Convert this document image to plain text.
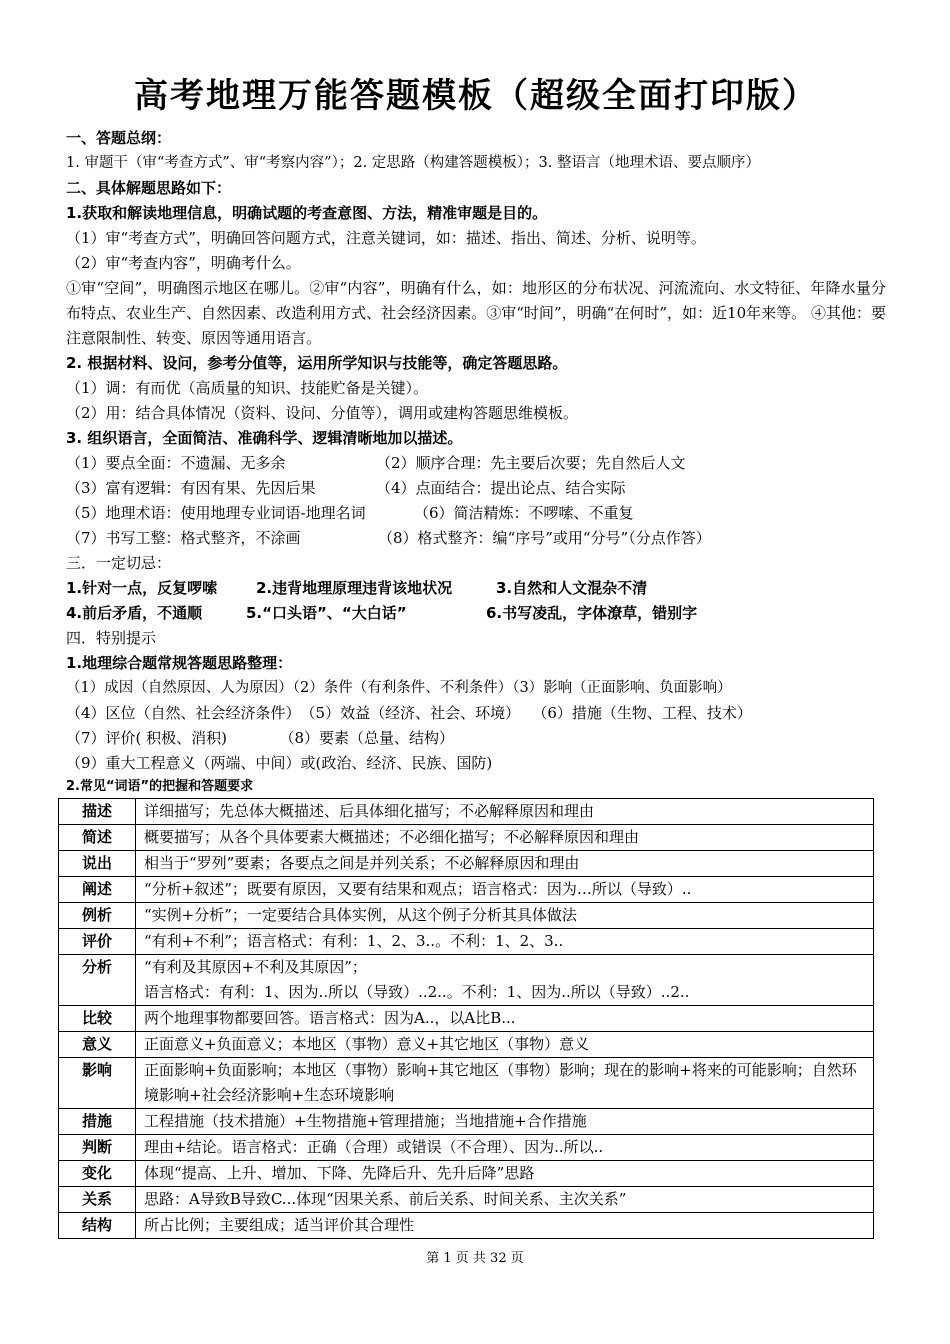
高考地理万能答题模板（超级全面打印版）
一、答题总纲：
1. 审题干（审“考查方式”、审“考察内容”）；2. 定思路（构建答题模板）；3. 整语言（地理术语、要点顺序）
二、具体解题思路如下：
1.获取和解读地理信息，明确试题的考查意图、方法，精准审题是目的。
（1）审“考查方式”，明确回答问题方式，注意关键词，如：描述、指出、简述、分析、说明等。
（2）审“考查内容”，明确考什么。
①审“空间”，明确图示地区在哪儿。②审“内容”，明确有什么，如：地形区的分布状况、河流流向、水文特征、年降水量分布特点、农业生产、自然因素、改造利用方式、社会经济因素。③审“时间”，明确“在何时”，如：近10年来等。 ④其他：要注意限制性、转变、原因等通用语言。
2. 根据材料、设问，参考分值等，运用所学知识与技能等，确定答题思路。
（1）调：有而优（高质量的知识、技能贮备是关键）。
（2）用：结合具体情况（资料、设问、分值等），调用或建构答题思维模板。
3. 组织语言，全面简洁、准确科学、逻辑清晰地加以描述。
（1）要点全面：不遗漏、无多余	（2）顺序合理：先主要后次要；先自然后人文
（3）富有逻辑：有因有果、先因后果	（4）点面结合：提出论点、结合实际
（5）地理术语：使用地理专业词语-地理名词	（6）简洁精炼：不啰嗦、不重复
（7）书写工整：格式整齐，不涂画	（8）格式整齐：编“序号”或用“分号”（分点作答）
三．一定切忌：
1.针对一点，反复啰嗦	2.违背地理原理违背该地状况	3.自然和人文混杂不清
4.前后矛盾，不通顺	5.“口头语”、“大白话”	6.书写凌乱，字体潦草，错别字
四．特别提示
1.地理综合题常规答题思路整理：
（1）成因（自然原因、人为原因）（2）条件（有利条件、不利条件）（3）影响（正面影响、负面影响）
（4）区位（自然、社会经济条件）　（5）效益（经济、社会、环境）　 （6）措施（生物、工程、技术）
（7）评价( 积极、消积)　　　　（8）要素（总量、结构）
（9）重大工程意义（两端、中间）或(政治、经济、民族、国防)
2.常见“词语”的把握和答题要求
描述	详细描写；先总体大概描述、后具体细化描写；不必解释原因和理由

简述	概要描写；从各个具体要素大概描述；不必细化描写；不必解释原因和理由

说出	相当于“罗列”要素；各要点之间是并列关系；不必解释原因和理由

阐述	“分析+叙述”；既要有原因，又要有结果和观点；语言格式：因为…所以（导致）..

例析	“实例+分析”；一定要结合具体实例，从这个例子分析其具体做法

评价	“有利+不利”；语言格式：有利：1、2、3..。不利：1、2、3..

分析	“有利及其原因+不利及其原因”；
语言格式：有利：1、因为..所以（导致）..2..。不利：1、因为..所以（导致）..2..

比较	两个地理事物都要回答。语言格式：因为A..，以A比B...

意义	正面意义+负面意义；本地区（事物）意义+其它地区（事物）意义

影响	正面影响+负面影响；本地区（事物）影响+其它地区（事物）影响；现在的影响+将来的可能影响；自然环境影响+社会经济影响+生态环境影响

措施	工程措施（技术措施）+生物措施+管理措施；当地措施+合作措施

判断	理由+结论。语言格式：正确（合理）或错误（不合理）、因为..所以..

变化	体现“提高、上升、增加、下降、先降后升、先升后降”思路

关系	思路：A导致B导致C...体现“因果关系、前后关系、时间关系、主次关系”

结构	所占比例；主要组成；适当评价其合理性
第 1 页 共 32 页
